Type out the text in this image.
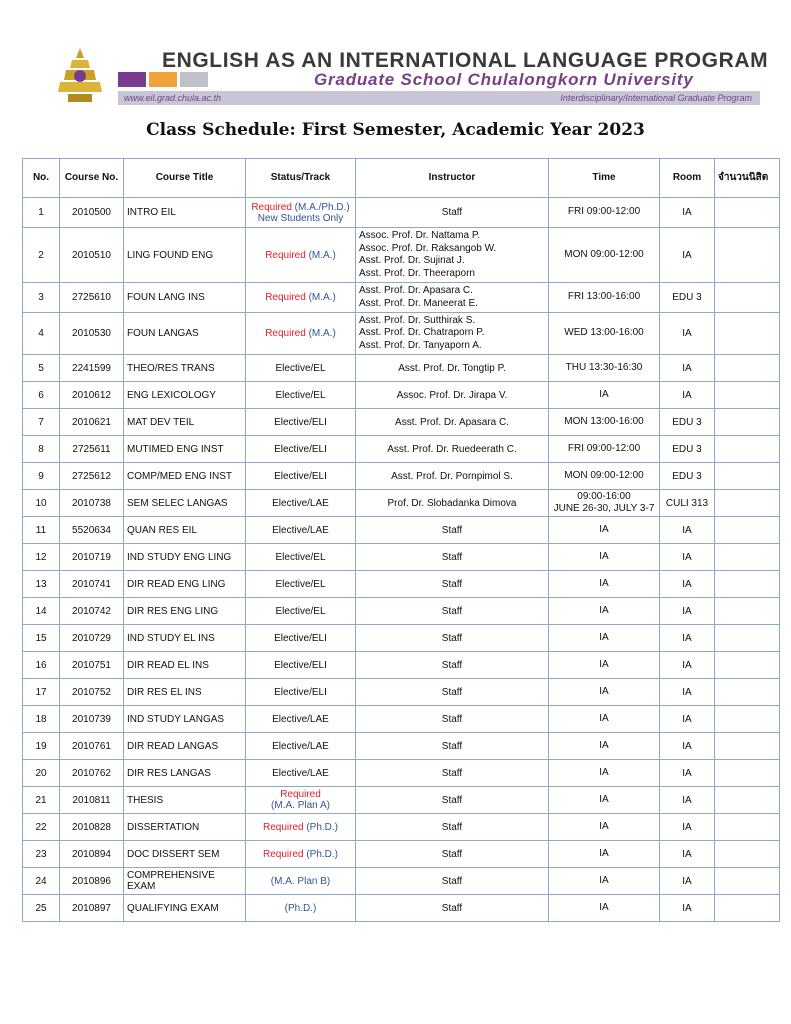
ENGLISH AS AN INTERNATIONAL LANGUAGE PROGRAM
Graduate School Chulalongkorn University
www.eil.grad.chula.ac.th	Interdisciplinary/International Graduate Program
Class Schedule: First Semester, Academic Year 2023
No.	Course No.	Course Title	Status/Track	Instructor	Time	Room	จำนวนนิสิต
1	2010500	INTRO EIL	Required (M.A./Ph.D.)
New Students Only	Staff	FRI 09:00-12:00	IA	
2	2010510	LING FOUND ENG	Required (M.A.)	Assoc. Prof. Dr. Nattama P.
Assoc. Prof. Dr. Raksangob W.
Asst. Prof. Dr. Sujinat J.
Asst. Prof. Dr. Theeraporn	MON 09:00-12:00	IA	
3	2725610	FOUN LANG INS	Required (M.A.)	Asst. Prof. Dr. Apasara C.
Asst. Prof. Dr. Maneerat E.	FRI 13:00-16:00	EDU 3	
4	2010530	FOUN LANGAS	Required (M.A.)	Asst. Prof. Dr. Sutthirak S.
Asst. Prof. Dr. Chatraporn P.
Asst. Prof. Dr. Tanyaporn A.	WED 13:00-16:00	IA	
5	2241599	THEO/RES TRANS	Elective/EL	Asst. Prof. Dr. Tongtip P.	THU 13:30-16:30	IA	
6	2010612	ENG LEXICOLOGY	Elective/EL	Assoc. Prof. Dr. Jirapa V.	IA	IA	
7	2010621	MAT DEV TEIL	Elective/ELI	Asst. Prof. Dr. Apasara C.	MON 13:00-16:00	EDU 3	
8	2725611	MUTIMED ENG INST	Elective/ELI	Asst. Prof. Dr. Ruedeerath C.	FRI 09:00-12:00	EDU 3	
9	2725612	COMP/MED ENG INST	Elective/ELI	Asst. Prof. Dr. Pornpimol S.	MON 09:00-12:00	EDU 3	
10	2010738	SEM SELEC LANGAS	Elective/LAE	Prof. Dr. Slobadanka Dimova	09:00-16:00
JUNE 26-30, JULY 3-7	CULI 313	
11	5520634	QUAN RES EIL	Elective/LAE	Staff	IA	IA	
12	2010719	IND STUDY ENG LING	Elective/EL	Staff	IA	IA	
13	2010741	DIR READ ENG LING	Elective/EL	Staff	IA	IA	
14	2010742	DIR RES ENG LING	Elective/EL	Staff	IA	IA	
15	2010729	IND STUDY EL INS	Elective/ELI	Staff	IA	IA	
16	2010751	DIR READ EL INS	Elective/ELI	Staff	IA	IA	
17	2010752	DIR RES EL INS	Elective/ELI	Staff	IA	IA	
18	2010739	IND STUDY LANGAS	Elective/LAE	Staff	IA	IA	
19	2010761	DIR READ LANGAS	Elective/LAE	Staff	IA	IA	
20	2010762	DIR RES LANGAS	Elective/LAE	Staff	IA	IA	
21	2010811	THESIS	Required
(M.A. Plan A)	Staff	IA	IA	
22	2010828	DISSERTATION	Required (Ph.D.)	Staff	IA	IA	
23	2010894	DOC DISSERT SEM	Required (Ph.D.)	Staff	IA	IA	
24	2010896	COMPREHENSIVE EXAM	(M.A. Plan B)	Staff	IA	IA	
25	2010897	QUALIFYING EXAM	(Ph.D.)	Staff	IA	IA	
